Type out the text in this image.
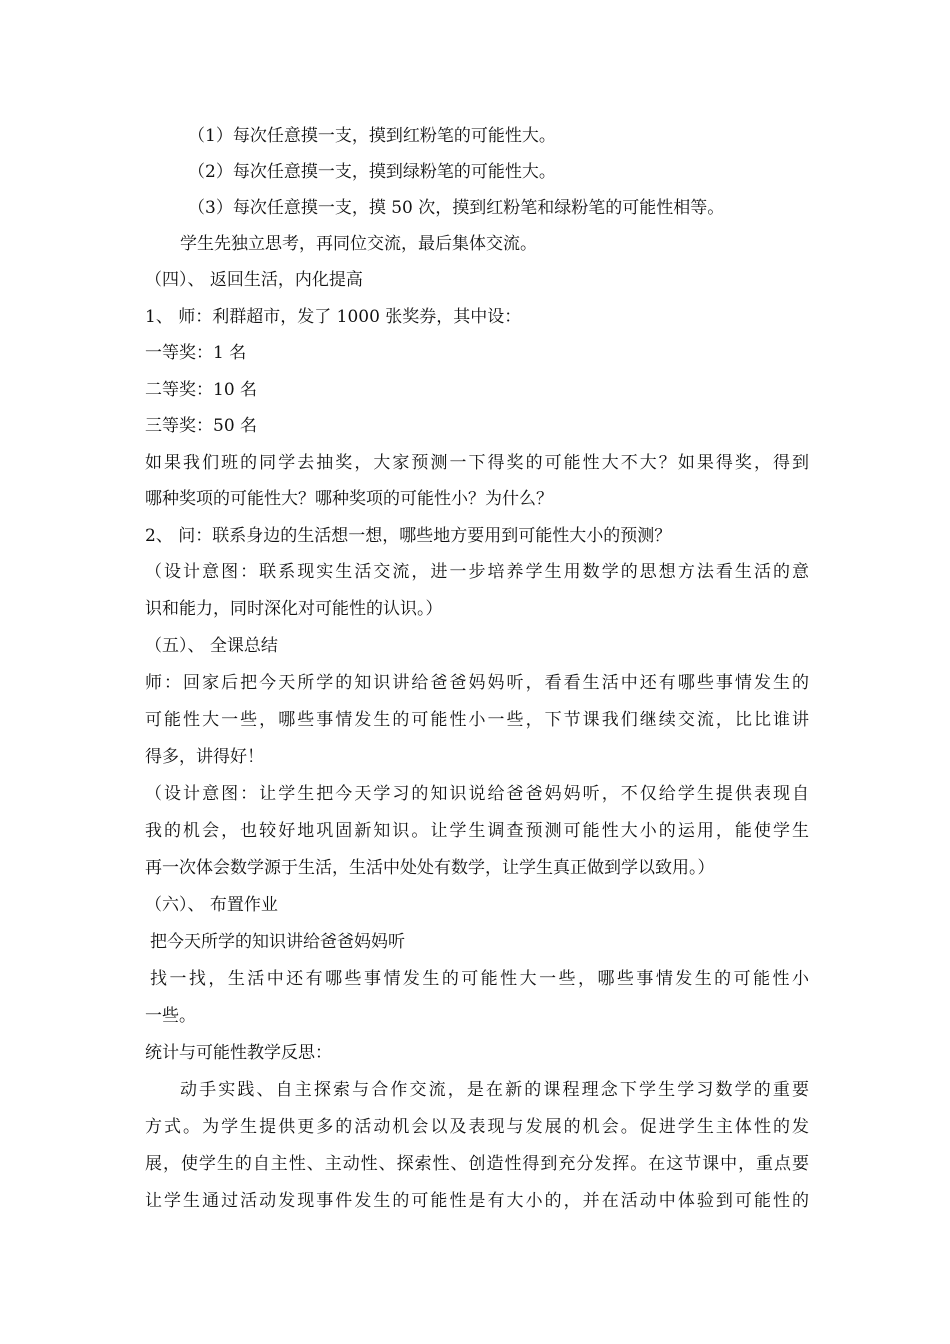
（1）每次任意摸一支，摸到红粉笔的可能性大。
（2）每次任意摸一支，摸到绿粉笔的可能性大。
（3）每次任意摸一支，摸 50 次，摸到红粉笔和绿粉笔的可能性相等。
学生先独立思考，再同位交流，最后集体交流。
（四）、 返回生活，内化提高
1、 师：利群超市，发了 1000 张奖券，其中设：
一等奖：1 名
二等奖：10 名
三等奖：50 名
如果我们班的同学去抽奖，大家预测一下得奖的可能性大不大？如果得奖，得到
哪种奖项的可能性大？哪种奖项的可能性小？为什么？
2、 问：联系身边的生活想一想，哪些地方要用到可能性大小的预测？
（设计意图：联系现实生活交流，进一步培养学生用数学的思想方法看生活的意
识和能力，同时深化对可能性的认识。）
（五）、 全课总结
师：回家后把今天所学的知识讲给爸爸妈妈听，看看生活中还有哪些事情发生的
可能性大一些，哪些事情发生的可能性小一些，下节课我们继续交流，比比谁讲
得多，讲得好！
（设计意图：让学生把今天学习的知识说给爸爸妈妈听，不仅给学生提供表现自
我的机会，也较好地巩固新知识。让学生调查预测可能性大小的运用，能使学生
再一次体会数学源于生活，生活中处处有数学，让学生真正做到学以致用。）
（六）、 布置作业
把今天所学的知识讲给爸爸妈妈听
找一找，生活中还有哪些事情发生的可能性大一些，哪些事情发生的可能性小
一些。
统计与可能性教学反思：
动手实践、自主探索与合作交流，是在新的课程理念下学生学习数学的重要
方式。为学生提供更多的活动机会以及表现与发展的机会。促进学生主体性的发
展，使学生的自主性、主动性、探索性、创造性得到充分发挥。在这节课中，重点要
让学生通过活动发现事件发生的可能性是有大小的，并在活动中体验到可能性的
